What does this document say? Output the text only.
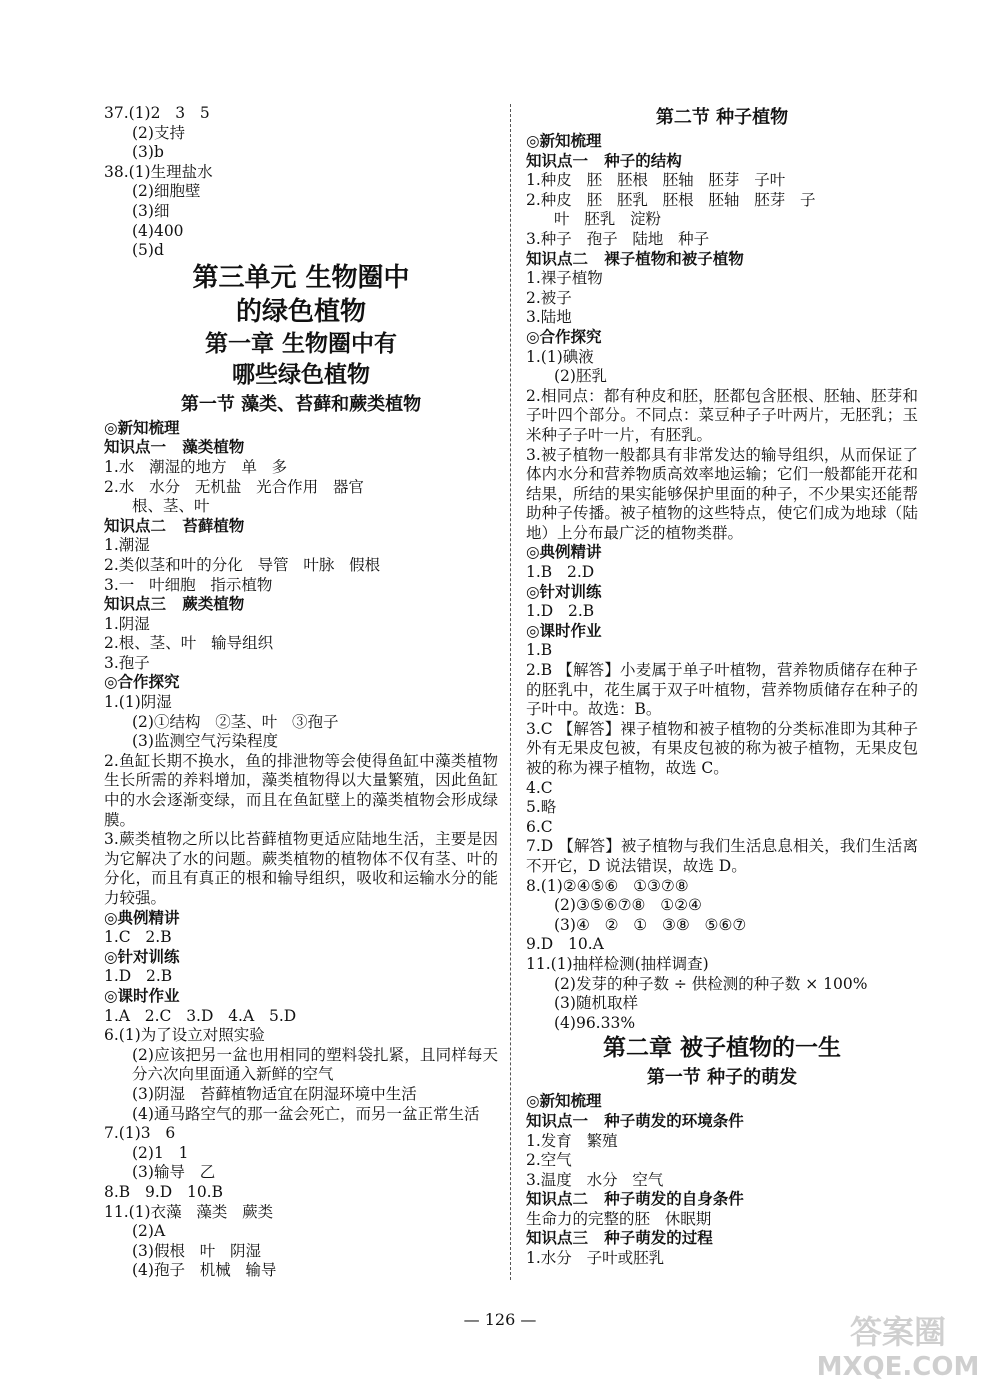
37.(1)2   3   5
(2)支持
(3)b
38.(1)生理盐水
(2)细胞壁
(3)细
(4)400
(5)d
第三单元 生物圈中
的绿色植物
第一章 生物圈中有
哪些绿色植物
第一节 藻类、苔藓和蕨类植物
◎新知梳理
知识点一   藻类植物
1.水   潮湿的地方   单   多
2.水   水分   无机盐   光合作用   器官
根、茎、叶
知识点二   苔藓植物
1.潮湿
2.类似茎和叶的分化   导管   叶脉   假根
3.一   叶细胞   指示植物
知识点三   蕨类植物
1.阴湿
2.根、茎、叶   输导组织
3.孢子
◎合作探究
1.(1)阴湿
(2)①结构   ②茎、叶   ③孢子
(3)监测空气污染程度
2.鱼缸长期不换水，鱼的排泄物等会使得鱼缸中藻类植物生长所需的养料增加，藻类植物得以大量繁殖，因此鱼缸中的水会逐渐变绿，而且在鱼缸壁上的藻类植物会形成绿膜。
3.蕨类植物之所以比苔藓植物更适应陆地生活，主要是因为它解决了水的问题。蕨类植物的植物体不仅有茎、叶的分化，而且有真正的根和输导组织，吸收和运输水分的能力较强。
◎典例精讲
1.C   2.B
◎针对训练
1.D   2.B
◎课时作业
1.A   2.C   3.D   4.A   5.D
6.(1)为了设立对照实验
(2)应该把另一盆也用相同的塑料袋扎紧，且同样每天分六次向里面通入新鲜的空气
(3)阴湿   苔藓植物适宜在阴湿环境中生活
(4)通马路空气的那一盆会死亡，而另一盆正常生活
7.(1)3   6
(2)1   1
(3)输导   乙
8.B   9.D   10.B
11.(1)衣藻   藻类   蕨类
(2)A
(3)假根   叶   阴湿
(4)孢子   机械   输导
第二节 种子植物
◎新知梳理
知识点一   种子的结构
1.种皮   胚   胚根   胚轴   胚芽   子叶
2.种皮   胚   胚乳   胚根   胚轴   胚芽   子
叶   胚乳   淀粉
3.种子   孢子   陆地   种子
知识点二   裸子植物和被子植物
1.裸子植物
2.被子
3.陆地
◎合作探究
1.(1)碘液
(2)胚乳
2.相同点：都有种皮和胚，胚都包含胚根、胚轴、胚芽和子叶四个部分。不同点：菜豆种子子叶两片，无胚乳；玉米种子子叶一片，有胚乳。
3.被子植物一般都具有非常发达的输导组织，从而保证了体内水分和营养物质高效率地运输；它们一般都能开花和结果，所结的果实能够保护里面的种子，不少果实还能帮助种子传播。被子植物的这些特点，使它们成为地球（陆地）上分布最广泛的植物类群。
◎典例精讲
1.B   2.D
◎针对训练
1.D   2.B
◎课时作业
1.B
2.B 【解答】小麦属于单子叶植物，营养物质储存在种子的胚乳中，花生属于双子叶植物，营养物质储存在种子的子叶中。故选：B。
3.C 【解答】裸子植物和被子植物的分类标准即为其种子外有无果皮包被，有果皮包被的称为被子植物，无果皮包被的称为裸子植物，故选 C。
4.C
5.略
6.C
7.D 【解答】被子植物与我们生活息息相关，我们生活离不开它，D 说法错误，故选 D。
8.(1)②④⑤⑥   ①③⑦⑧
(2)③⑤⑥⑦⑧   ①②④
(3)④   ②   ①   ③⑧   ⑤⑥⑦
9.D   10.A
11.(1)抽样检测(抽样调查)
(2)发芽的种子数 ÷ 供检测的种子数 × 100%
(3)随机取样
(4)96.33%
第二章 被子植物的一生
第一节 种子的萌发
◎新知梳理
知识点一   种子萌发的环境条件
1.发育   繁殖
2.空气
3.温度   水分   空气
知识点二   种子萌发的自身条件
生命力的完整的胚   休眠期
知识点三   种子萌发的过程
1.水分   子叶或胚乳
— 126 —	答案圈
MXQE.COM
